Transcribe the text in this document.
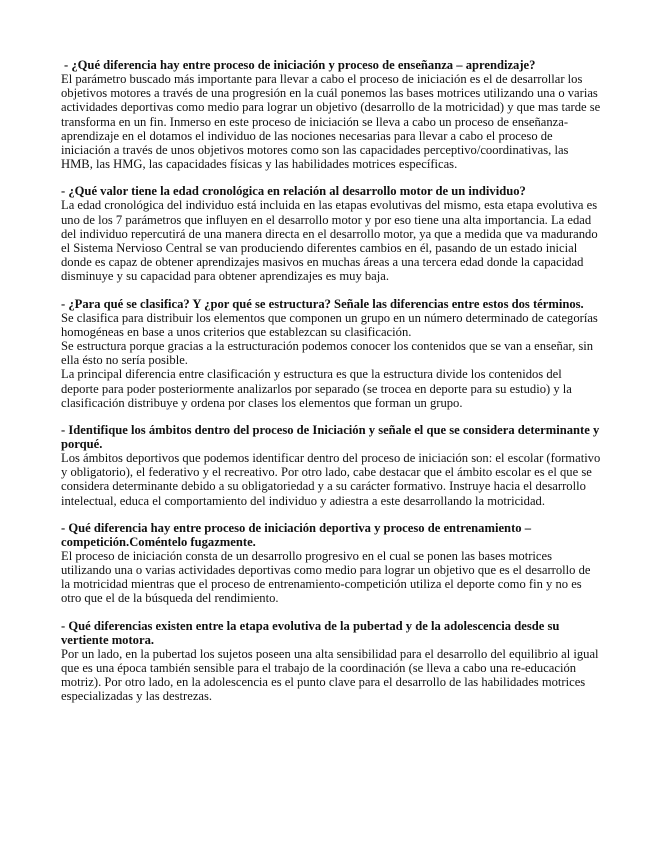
- ¿Qué diferencia hay entre proceso de iniciación y proceso de enseñanza – aprendizaje?

El parámetro buscado más importante para llevar a cabo el proceso de iniciación es el de desarrollar los objetivos motores a través de una progresión en la cuál ponemos las bases motrices utilizando una o varias actividades deportivas como medio para lograr un objetivo (desarrollo de la motricidad) y que mas tarde se transforma en un fin. Inmerso en este proceso de iniciación se lleva a cabo un proceso de enseñanza-aprendizaje en el dotamos el individuo de las nociones necesarias para llevar a cabo el proceso de iniciación a través de unos objetivos motores como son las capacidades perceptivo/coordinativas, las HMB, las HMG, las capacidades físicas y las habilidades motrices específicas.

- ¿Qué valor tiene la edad cronológica en relación al desarrollo motor de un individuo?

La edad cronológica del individuo está incluida en las etapas evolutivas del mismo, esta etapa evolutiva es uno de los 7 parámetros que influyen en el desarrollo motor y por eso tiene una alta importancia. La edad del individuo repercutirá de una manera directa en el desarrollo motor, ya que a medida que va madurando el Sistema Nervioso Central se van produciendo diferentes cambios en él, pasando de un estado inicial donde es capaz de obtener aprendizajes masivos en muchas áreas a una tercera edad donde la capacidad disminuye y su capacidad para obtener aprendizajes es muy baja.

- ¿Para qué se clasifica? Y ¿por qué se estructura? Señale las diferencias entre estos dos términos.

Se clasifica para distribuir los elementos que componen un grupo en un número determinado de categorías homogéneas en base a unos criterios que establezcan su clasificación.

Se estructura porque gracias a la estructuración podemos conocer los contenidos que se van a enseñar, sin ella ésto no sería posible.

La principal diferencia entre clasificación y estructura es que la estructura divide los contenidos del deporte para poder posteriormente analizarlos por separado (se trocea en deporte para su estudio) y la clasificación distribuye y ordena por clases los elementos que forman un grupo.

- Identifique los ámbitos dentro del proceso de Iniciación y señale el que se considera determinante y porqué.

Los ámbitos deportivos que podemos identificar dentro del proceso de iniciación son: el escolar (formativo y obligatorio), el federativo y el recreativo. Por otro lado, cabe destacar que el ámbito escolar es el que se considera determinante debido a su obligatoriedad y a su carácter formativo. Instruye hacia el desarrollo intelectual, educa el comportamiento del individuo y adiestra a este desarrollando la motricidad.

- Qué diferencia hay entre proceso de iniciación deportiva y proceso de entrenamiento – competición.Coméntelo fugazmente.

El proceso de iniciación consta de un desarrollo progresivo en el cual se ponen las bases motrices utilizando una o varias actividades deportivas como medio para lograr un objetivo que es el desarrollo de la motricidad mientras que el proceso de entrenamiento-competición utiliza el deporte como fin y no es otro que el de la búsqueda del rendimiento.

- Qué diferencias existen entre la etapa evolutiva de la pubertad y de la adolescencia desde su vertiente motora.

Por un lado, en la pubertad los sujetos poseen una alta sensibilidad para el desarrollo del equilibrio al igual que es una época también sensible para el trabajo de la coordinación (se lleva a cabo una re-educación motriz). Por otro lado, en la adolescencia es el punto clave para el desarrollo de las habilidades motrices especializadas y las destrezas.
